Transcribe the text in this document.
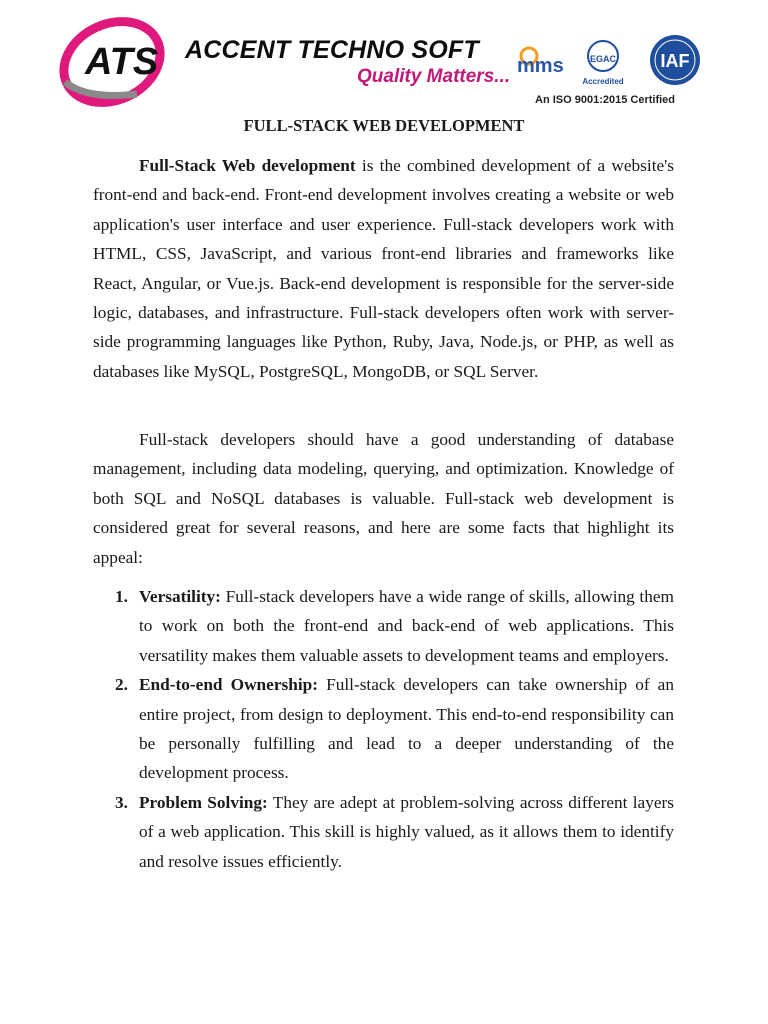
ATS ACCENT TECHNO SOFT
Quality Matters... mms	EGAC
Accredited
IAF
An ISO 9001:2015 Certified
FULL-STACK WEB DEVELOPMENT

Full-Stack Web development is the combined development of a website's front-end and back-end. Front-end development involves creating a website or web application's user interface and user experience. Full-stack developers work with HTML, CSS, JavaScript, and various front-end libraries and frameworks like React, Angular, or Vue.js. Back-end development is responsible for the server-side logic, databases, and infrastructure. Full-stack developers often work with server-side programming languages like Python, Ruby, Java, Node.js, or PHP, as well as databases like MySQL, PostgreSQL, MongoDB, or SQL Server.

Full-stack developers should have a good understanding of database management, including data modeling, querying, and optimization. Knowledge of both SQL and NoSQL databases is valuable. Full-stack web development is considered great for several reasons, and here are some facts that highlight its appeal:

1. Versatility: Full-stack developers have a wide range of skills, allowing them to work on both the front-end and back-end of web applications. This versatility makes them valuable assets to development teams and employers.
2. End-to-end Ownership: Full-stack developers can take ownership of an entire project, from design to deployment. This end-to-end responsibility can be personally fulfilling and lead to a deeper understanding of the development process.
3. Problem Solving: They are adept at problem-solving across different layers of a web application. This skill is highly valued, as it allows them to identify and resolve issues efficiently.
